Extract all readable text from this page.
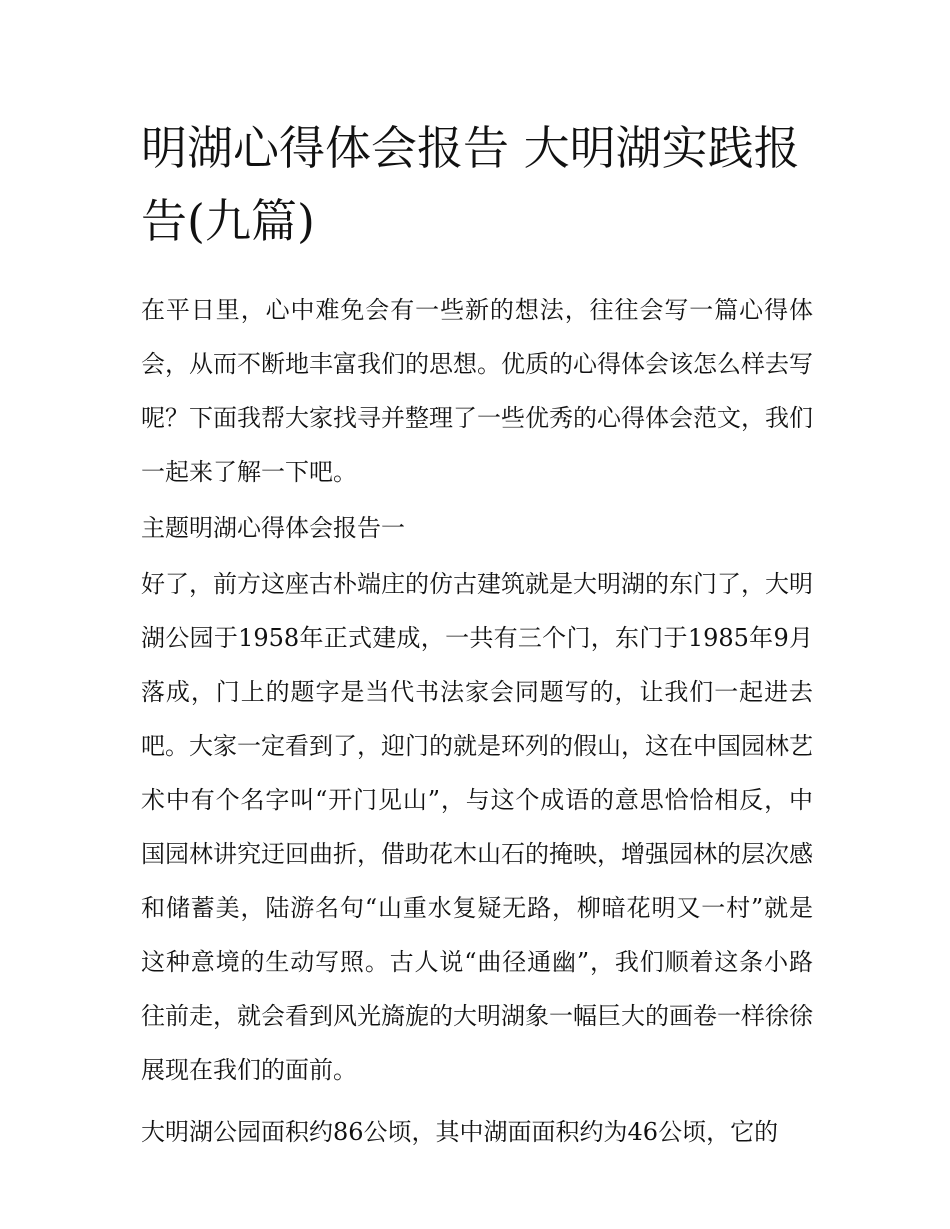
明湖心得体会报告 大明湖实践报告(九篇)

在平日里，心中难免会有一些新的想法，往往会写一篇心得体会，从而不断地丰富我们的思想。优质的心得体会该怎么样去写呢？下面我帮大家找寻并整理了一些优秀的心得体会范文，我们一起来了解一下吧。

主题明湖心得体会报告一

好了，前方这座古朴端庄的仿古建筑就是大明湖的东门了，大明湖公园于1958年正式建成，一共有三个门，东门于1985年9月落成，门上的题字是当代书法家会同题写的，让我们一起进去吧。大家一定看到了，迎门的就是环列的假山，这在中国园林艺术中有个名字叫“开门见山”，与这个成语的意思恰恰相反，中国园林讲究迂回曲折，借助花木山石的掩映，增强园林的层次感和储蓄美，陆游名句“山重水复疑无路，柳暗花明又一村”就是这种意境的生动写照。古人说“曲径通幽”，我们顺着这条小路往前走，就会看到风光旖旎的大明湖象一幅巨大的画卷一样徐徐展现在我们的面前。

大明湖公园面积约86公顷，其中湖面面积约为46公顷，它的
